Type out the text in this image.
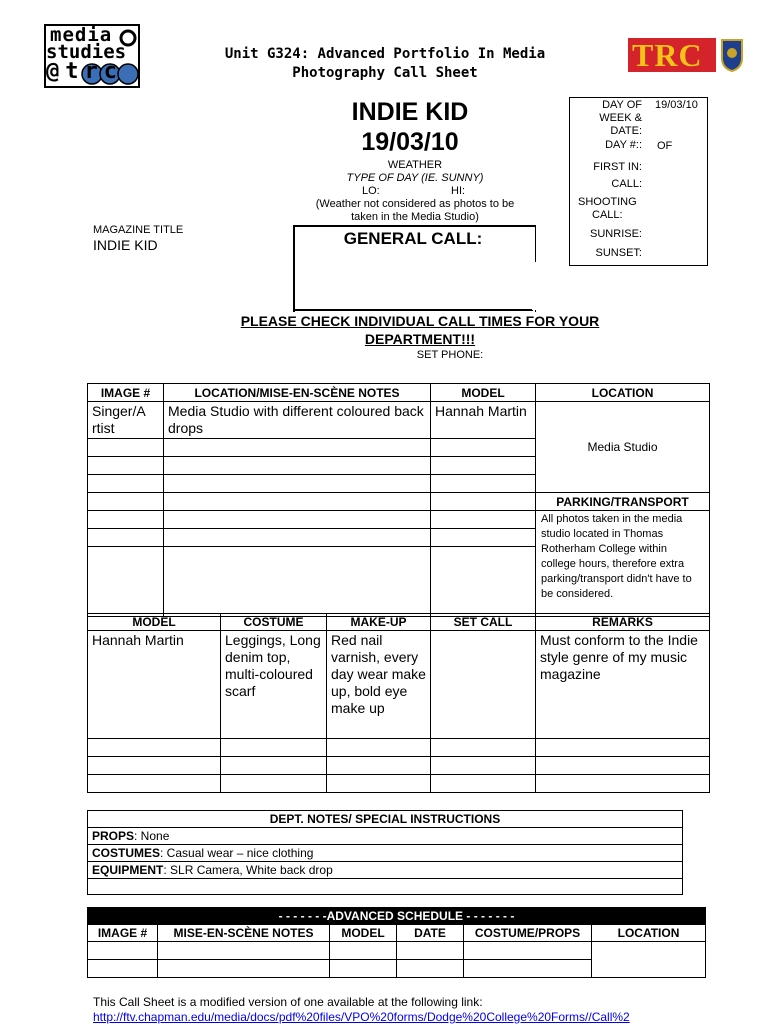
media
studies
@trc
Unit G324: Advanced Portfolio In Media
Photography Call Sheet	TRC
INDIE KID
19/03/10
WEATHER
TYPE OF DAY (IE. SUNNY)
LO:	HI:
(Weather not considered as photos to be
taken in the Media Studio)
GENERAL CALL:
DAY OF
WEEK &
DATE:
19/03/10
DAY #:: OF
FIRST IN:
CALL:
SHOOTING
CALL:
SUNRISE:
SUNSET:
MAGAZINE TITLE
INDIE KID
PLEASE CHECK INDIVIDUAL CALL TIMES FOR YOUR
DEPARTMENT!!!
SET PHONE:
IMAGE #	LOCATION/MISE-EN-SCÈNE NOTES	MODEL	LOCATION
Singer/A rtist	Media Studio with different coloured back drops	Hannah Martin	Media Studio

			PARKING/TRANSPORT
			All photos taken in the media studio located in Thomas Rotherham College within college hours, therefore extra parking/transport didn't have to be considered.

MODEL	COSTUME	MAKE-UP	SET CALL	REMARKS
Hannah Martin	Leggings, Long denim top, multi-coloured scarf	Red nail varnish, every day wear make up, bold eye make up		Must conform to the Indie style genre of my music magazine

DEPT. NOTES/ SPECIAL INSTRUCTIONS
PROPS: None
COSTUMES: Casual wear – nice clothing
EQUIPMENT: SLR Camera, White back drop

- - - - - - -ADVANCED SCHEDULE - - - - - - -					
IMAGE #	MISE-EN-SCÈNE NOTES	MODEL	DATE	COSTUME/PROPS	LOCATION

This Call Sheet is a modified version of one available at the following link:
http://ftv.chapman.edu/media/docs/pdf%20files/VPO%20forms/Dodge%20College%20Forms//Call%2
